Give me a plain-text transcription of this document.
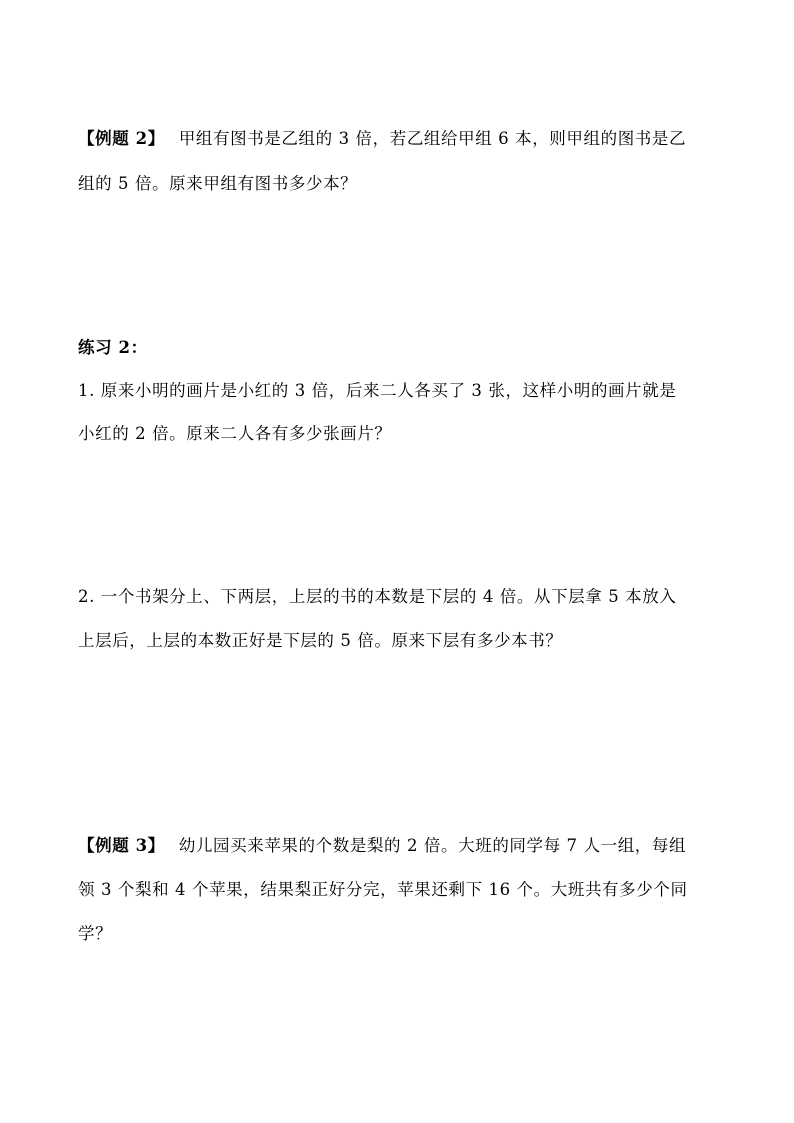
【例题 2】 甲组有图书是乙组的 3 倍，若乙组给甲组 6 本，则甲组的图书是乙
组的 5 倍。原来甲组有图书多少本？
练习 2：
1. 原来小明的画片是小红的 3 倍，后来二人各买了 3 张，这样小明的画片就是
小红的 2 倍。原来二人各有多少张画片？
2. 一个书架分上、下两层，上层的书的本数是下层的 4 倍。从下层拿 5 本放入
上层后，上层的本数正好是下层的 5 倍。原来下层有多少本书？
【例题 3】 幼儿园买来苹果的个数是梨的 2 倍。大班的同学每 7 人一组，每组
领 3 个梨和 4 个苹果，结果梨正好分完，苹果还剩下 16 个。大班共有多少个同
学？
